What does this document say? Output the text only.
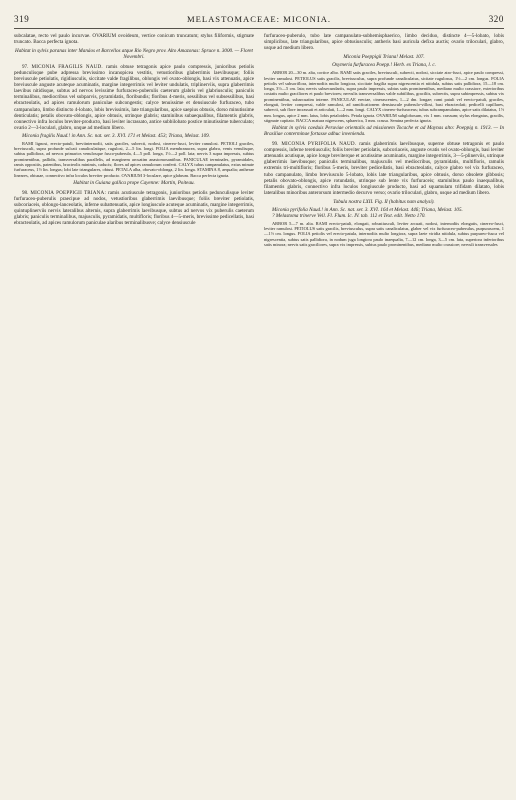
319	MELASTOMACEAE: MICONIA.	320

subcalatae, recto vel paulo incurvae. OVARIUM ovoideum, vertice conicum truncatum; stylus filiformis, stigmate truncato. Bacca perfecta ignota.

Habitat in sylvis paranas inter Manáos et Barcellos atque Rio Negro prov. Alto Amazonas: Spruce n. 3000. — Floret Novembri.

97. MICONIA FRAGILIS NAUD. ramis obtuse tetragonis apice paulo compressis, junioribus petiolis pedunculisque pube adpressa brevissimo incanopicea vestitis, vetustioribus glaberrimis laevibusque; foliis breviuscule petiolatis, rigidiusculis, siccitate valde fragilibus, oblongis vel ovato-oblongis, basi vix attenuatis, apice breviuscule anguste acuteque acuminatis, margine integerrimis vel leviter undulatis, triplinerviis, supra glaberrimis laevibus nitidisque, subtus ad nervos levissime furfuraceo-puberulis caeterum glabris vel glabriusculis; paniculis terminalibus, mediocribus vel subparvis, pyramidatis, floribundis; floribus 4-meris, sessilibus vel subsessilibus, basi ebracteolatis, ad apices ramulorum paniculae subcongestis; calyce tenuissime et densiuscule furfuraceo, tubo campanulato, limbo distincto 4-lobato, lobis brevissimis, late triangularibus, apice saepius obtusis, dorso minutissime denticulatis; petalis obovato-oblongis, apice obtusis, utrinque glabris; staminibus subaequalibus, filamentis glabris, connectivo infra loculos breviter-producto, basi leviter incrassato, antice subbilobato postice minutissime tuberculato; ovario 2—3-loculari, glabro, unque ad medium libero.

Miconia fragilis Naud.! in Ann. Sc. nat. ser. 3. XVI. 171 et Melast. 453; Triana, Melast. 109.

RAMI lignosi, erecto-patuli, breviinternodii, satis graciles, subrecti, nodosi, cinereo-fusci, leviter ramulosi. PETIOLI graciles, breviusculi, supra profunde sulcati canaliculatique, rugulosi, 2—5 lin. longi. FOLIA membranacea, supra glabra, venis venulisque, subtus pallidiora, ad nervos primarios venulosque fusco-puberula, 4—5 poll. longa, 1½—2 poll. lata; nervis 3 supra impressis, subtus prominentibus, pallidis, transversalibus parallelis, ad marginem arcuatim anastomosantibus. PANICULAE terminales, pyramidales, ramis oppositis, patentibus, bracteolis minimis, caducis; flores ad apices ramulorum conferti. CALYX tubus campanulatus, extus minute furfuraceus, 1½ lin. longus; lobi late triangulares, obtusi. PETALA alba, obovato-oblonga, 2 lin. longa. STAMINA 8, aequalia; antherae lineares, obtusae, connectivo infra loculos breviter producto. OVARIUM 3-loculare, apice glabrum. Bacca perfecta ignota.

Habitat in Guiana gallica prope Cayenne: Martin, Poiteau.

98. MICONIA POEPPIGII TRIANA: ramis acutiuscule tetragonis, junioribus petiolis pedunculisque leviter furfuraceo-puberulis praecipue ad nodos, vetustioribus glaberrimis laevibusque; foliis breviter petiolatis, subcoriaceis, oblongo-lanceolatis, inferne subattenuatis, apice longiuscule acuteque acuminatis, margine integerrimis, quintuplinerviis nervis lateralibus alternis, supra glaberrimis laevibusque, subtus ad nervos vix puberulis caeterum glabris; paniculis terminalibus, majusculis, pyramidatis, multifloris; floribus 4—5-meris, brevissime pedicellatis, basi ebracteolatis, ad apices ramulorum paniculae alaribus terminalibusve; calyce densiuscule

furfuraceo-puberulo, tubo late campanulato-subhemisphaerico, limbo deciduo, distincte 4—5-lobato, lobis simplicibus, late triangularibus, apice obtusiusculis; antheris basi auricula defixa auctis; ovario triloculari, glabro, usque ad medium libero.

Miconia Poeppigii Triana! Melast. 107.

Oxymeria furfuracea Poepp.! Herb. ex Triana, l. c.

ARBOR 20—30 m. alta, cortice albo. RAMI satis graciles, breviusculi, subrecti, nodosi, sicciate atro-fusci, apice paulo compressi, leviter ramulosi. PETIOLUS satis gracilis, breviusculus, supra profunde canaliculatus, sicitate rugulosus, 1½—2 cm. longus. FOLIA petiolis vel subsoriflora, internodiis multo longiora, siccitate fragilia supra nigrescentia et nitidula, subtus satis pallidiora, 15—18 cm. longa, 3½—5 cm. lata; nervis subsecundariis, supra paulo impressis, subtus satis prominentibus, mediano multo crassiore, exterioribus costatis multo graciliores et paulo breviores; nervulis transversalibus valde subtilibus, graciliis, subrectis, supra subimpressis, subtus vix prominentibus, subarcuatim interne. PANICULAE erectae, cinerascentes, 1—2 dm. longae; rami patuli vel erecto-patuli, graciles, elongati, leviter compressi, valde ramulosi, ad ramificationem densiuscule puberulo-villosi, basi ebracteolati; pedicelli capillares, subrecti, sub flore incrassati et articulati, 1—2 mm. longi. CALYX cinereo-furfuraceus; tubus subcampanulatus, apice satis dilatatus, 1½ mm. longus, apice 2 mm. latus, lobis petaloideis. Petala ignota. OVARIUM subglobosum, vix 1 mm. crassum; stylus elongatus, gracilis, stigmate capitato. BACCA matura nigrescens, sphaerica, 3 mm. crassa. Semina perfecta ignota.

Habitat in sylvis caeduis Peruviae orientalis ad missionem Tocache et ad Maynas alto: Poeppig n. 1913. — In Brasiliae conterminae fortasse adhuc invenienda.

99. MICONIA PYRIFOLIA NAUD. ramis glaberrimis laevibusque, superne obtuse tetragonis et paulo compressis, inferne teretiusculis; foliis breviter petiolatis, subcoriaceis, anguste ovatis vel ovato-oblongis, basi leviter attenuatis acutisque, apice longe breviterque et acutissime acuminatis, margine integerrimis, 3—5-plinerviis, utrinque glaberrimis laevibusque; paniculis terminalibus, majusculis vel mediocribus, pyramidatis, multifloris, ramulis extremis tri-multifloris; floribus 5-meris, breviter pedicellatis, basi ebracteolatis, calyce glabro vel vix furfuraceo, tubo campanulato, limbo breviusculo 5-lobato, lobis late triangularibus, apice obtusis, dorso obsolete gibbosis; petalis obovato-oblongis, apice rotundatis, utrinque sub lente vix furfuraceis; staminibus paulo inaequalibus, filamentis glabris, connectivo infra loculos longiuscule producto, basi ad squamulam trifidam dilatato, lobis lateralibus minoribus anterorsum intermedio decurvo verso; ovario triloculari, glabro, usque ad medium libero.

Tabula nostra LXII. Fig. II (habitus nam analysi).

Miconia pyrifolia Naud.! in Ann. Sc. nat. ser. 3. XVI. 164 et Melast. 446; Triana, Melast. 105.

? Melastoma trinerve Vell. Fl. Flum. Ic. IV. tab. 112 et Text. edit. Netto 170.

ARBOR 5—7 m. alta. RAMI erecto-patuli, elongati, robustiusculi, leviter arcuati, nodosi, internodiis elongatis, cinereo-fusci, leviter ramulosi. PETIOLUS satis gracilis, breviusculus, supra satis canaliculatus, glaber vel vix furfuraceo-puberulus, purpurascens, 1—1½ cm. longus. FOLIA petiolis vel erecto-patula, internodiis multo longiora, supra laete viridia nitidula, subtus purpureo-fusca vel nigrescentia, subtus satis pallidiora, in nodum juga longiora paulo inaequalia, 7—12 cm. longa, 3—5 cm. lata, superiora inferioribus satis minora; nervis satis graciliores, supra vix impressis, subtus paulo prominentibus, mediano multo crassiore; nervuli transversales
